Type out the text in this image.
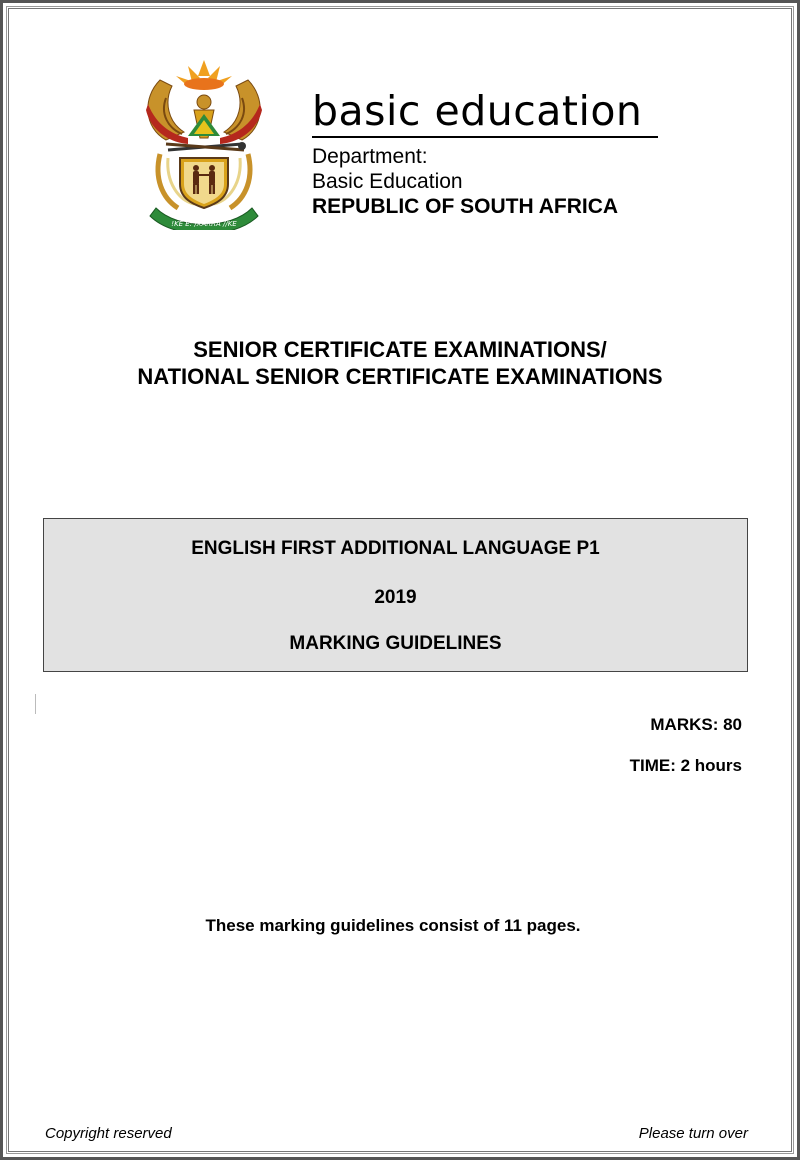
!KE E: /XARRA //KE
basic education
Department:
Basic Education
REPUBLIC OF SOUTH AFRICA
SENIOR CERTIFICATE EXAMINATIONS/
NATIONAL SENIOR CERTIFICATE EXAMINATIONS
ENGLISH FIRST ADDITIONAL LANGUAGE P1
2019
MARKING GUIDELINES
MARKS: 80
TIME: 2 hours
These marking guidelines consist of 11 pages.
Copyright reserved	Please turn over
